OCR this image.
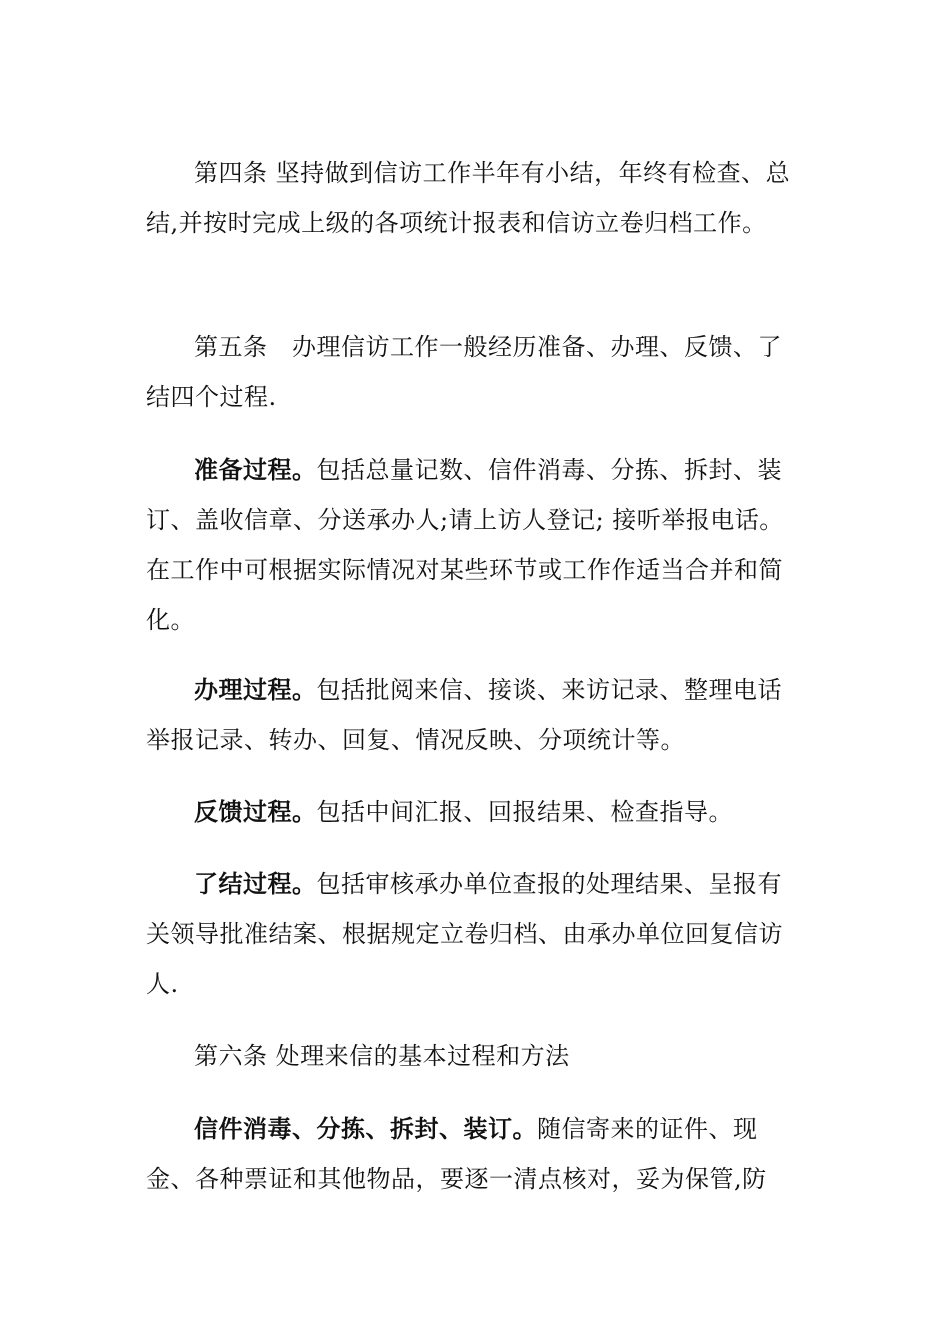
第四条 坚持做到信访工作半年有小结，年终有检查、总结,并按时完成上级的各项统计报表和信访立卷归档工作。

第五条　办理信访工作一般经历准备、办理、反馈、了结四个过程.

准备过程。包括总量记数、信件消毒、分拣、拆封、装订、盖收信章、分送承办人;请上访人登记; 接听举报电话。在工作中可根据实际情况对某些环节或工作作适当合并和简化。

办理过程。包括批阅来信、接谈、来访记录、整理电话举报记录、转办、回复、情况反映、分项统计等。

反馈过程。包括中间汇报、回报结果、检查指导。

了结过程。包括审核承办单位查报的处理结果、呈报有关领导批准结案、根据规定立卷归档、由承办单位回复信访人.

第六条 处理来信的基本过程和方法

信件消毒、分拣、拆封、装订。随信寄来的证件、现金、各种票证和其他物品，要逐一清点核对，妥为保管,防
